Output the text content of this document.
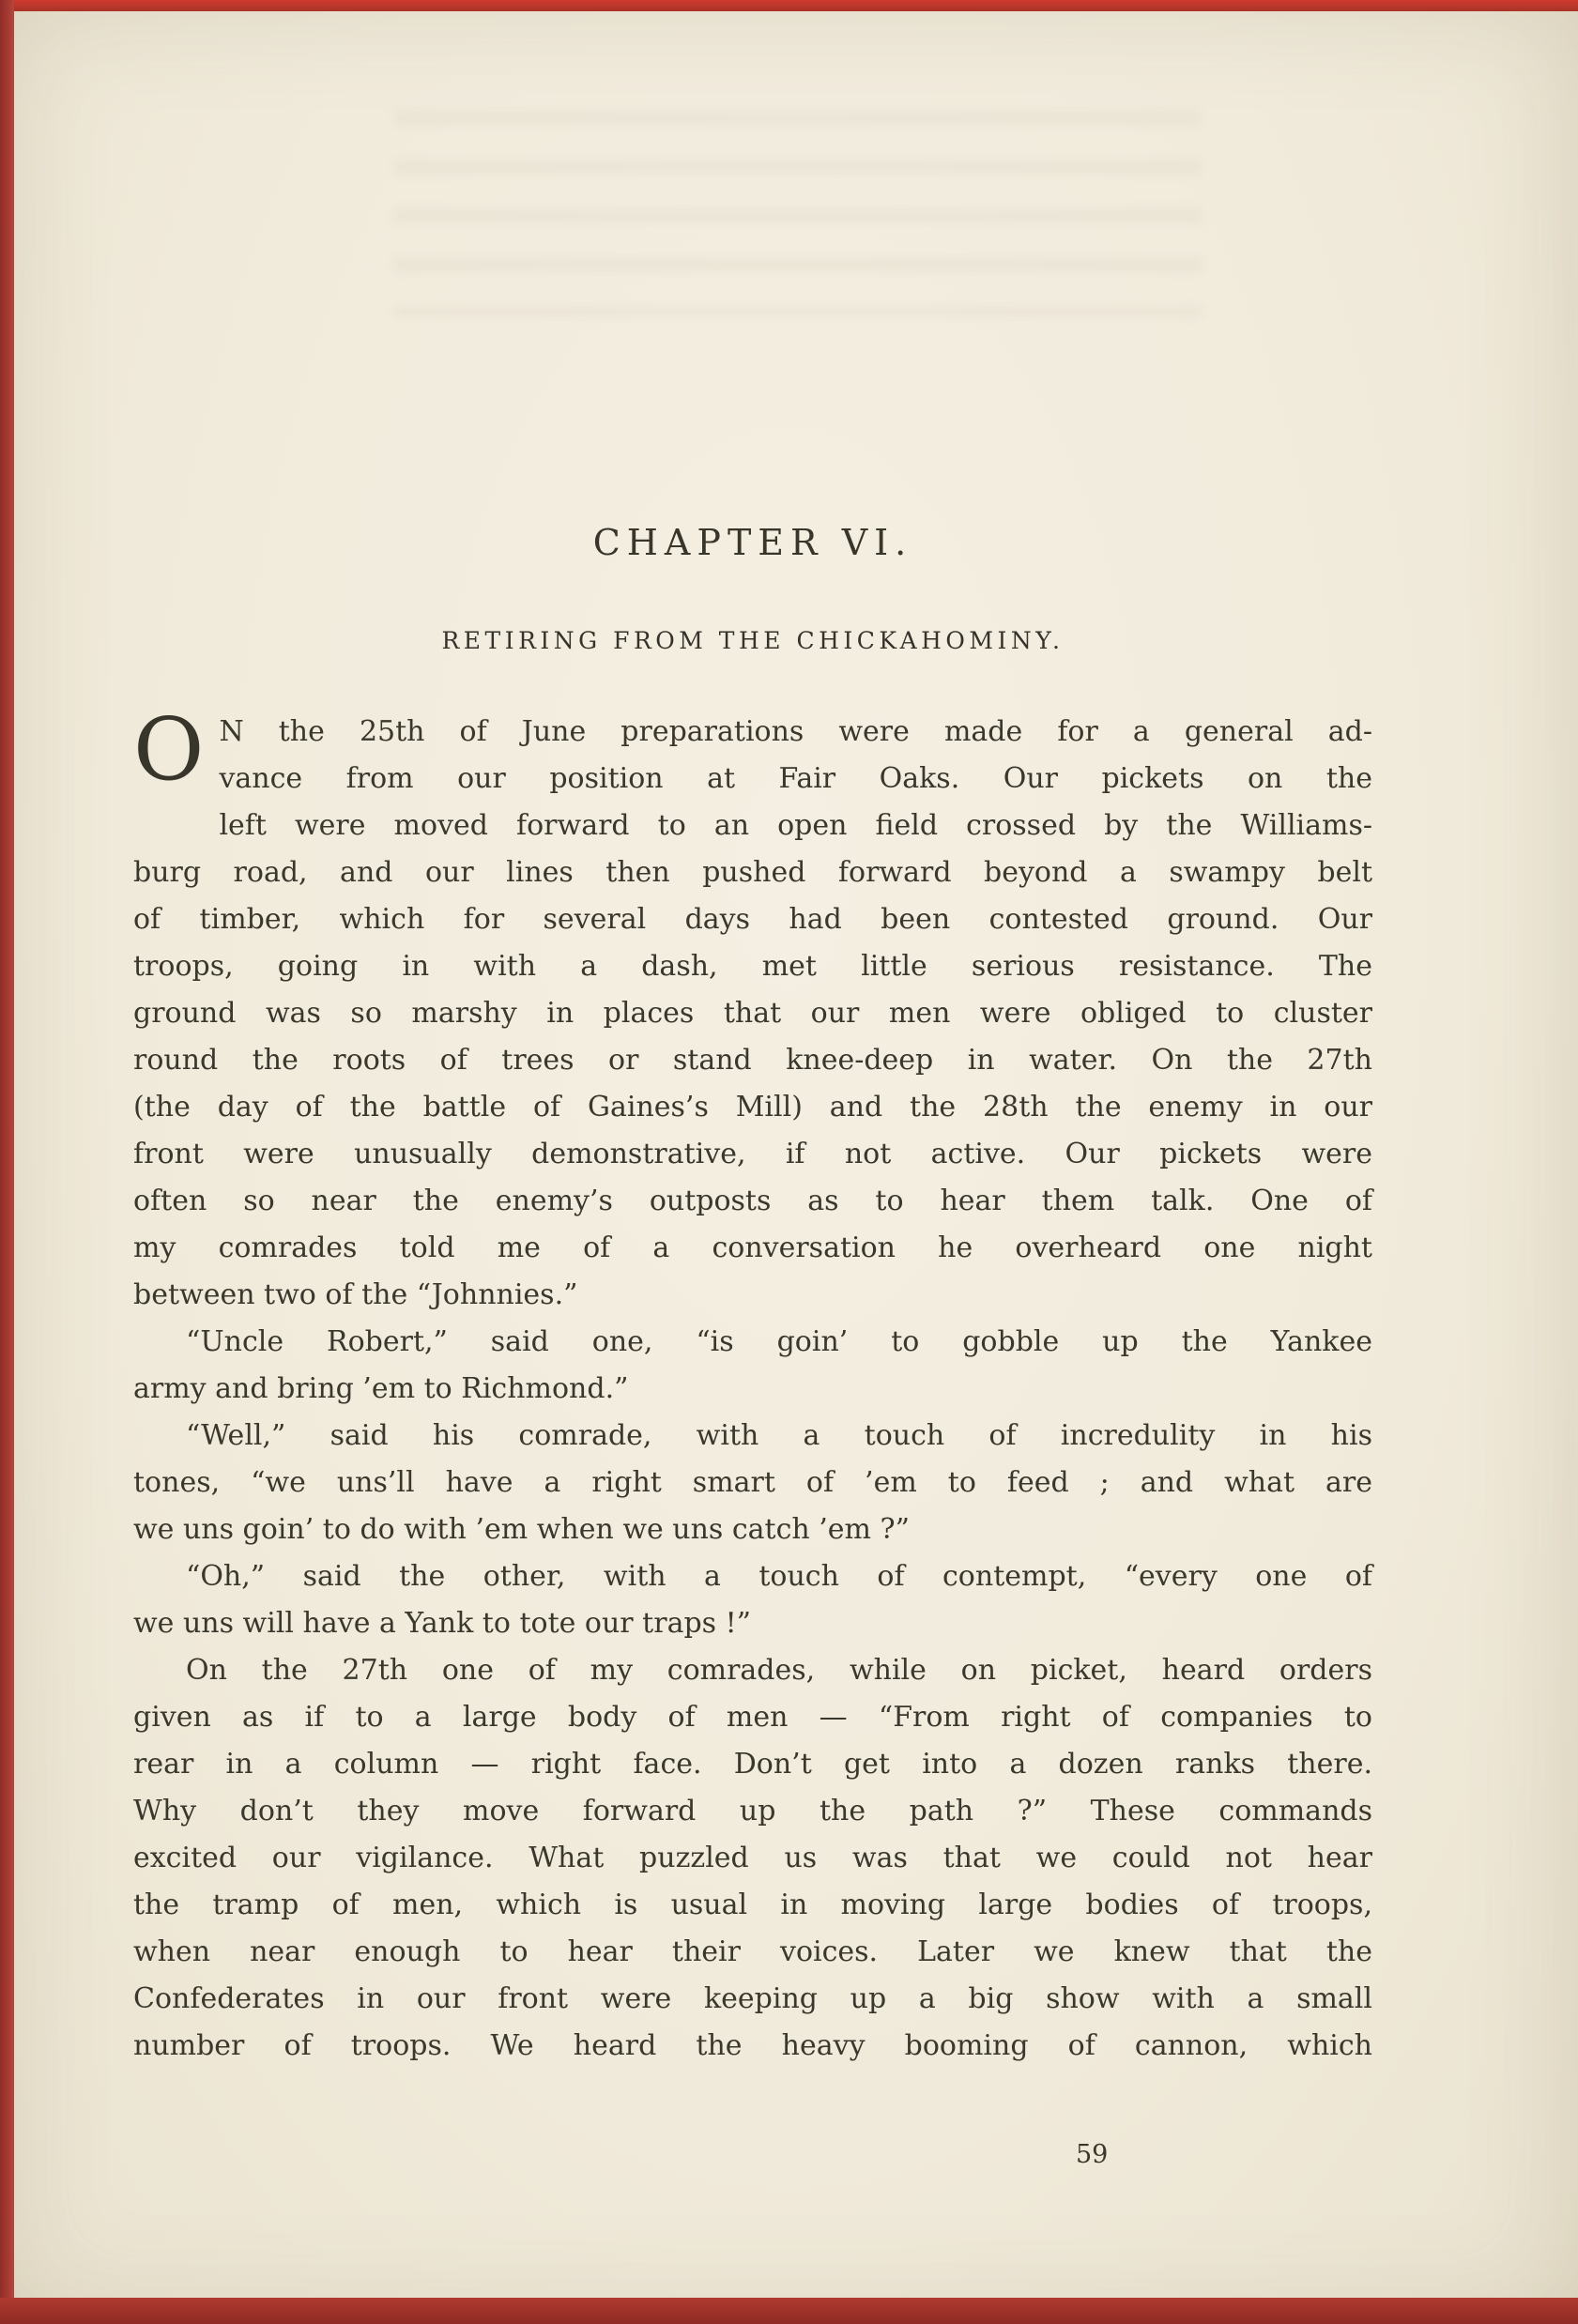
CHAPTER VI.
RETIRING FROM THE CHICKAHOMINY.
O N the 25th of June preparations were made for a general ad-
vance from our position at Fair Oaks. Our pickets on the
left were moved forward to an open field crossed by the Williams-
burg road, and our lines then pushed forward beyond a swampy belt
of timber, which for several days had been contested ground. Our
troops, going in with a dash, met little serious resistance. The
ground was so marshy in places that our men were obliged to cluster
round the roots of trees or stand knee-deep in water. On the 27th
(the day of the battle of Gaines’s Mill) and the 28th the enemy in our
front were unusually demonstrative, if not active. Our pickets were
often so near the enemy’s outposts as to hear them talk. One of
my comrades told me of a conversation he overheard one night
between two of the “Johnnies.”
“Uncle Robert,” said one, “is goin’ to gobble up the Yankee
army and bring ’em to Richmond.”
“Well,” said his comrade, with a touch of incredulity in his
tones, “we uns’ll have a right smart of ’em to feed ; and what are
we uns goin’ to do with ’em when we uns catch ’em ?”
“Oh,” said the other, with a touch of contempt, “every one of
we uns will have a Yank to tote our traps !”
On the 27th one of my comrades, while on picket, heard orders
given as if to a large body of men — “From right of companies to
rear in a column — right face. Don’t get into a dozen ranks there.
Why don’t they move forward up the path ?” These commands
excited our vigilance. What puzzled us was that we could not hear
the tramp of men, which is usual in moving large bodies of troops,
when near enough to hear their voices. Later we knew that the
Confederates in our front were keeping up a big show with a small
number of troops. We heard the heavy booming of cannon, which
59
